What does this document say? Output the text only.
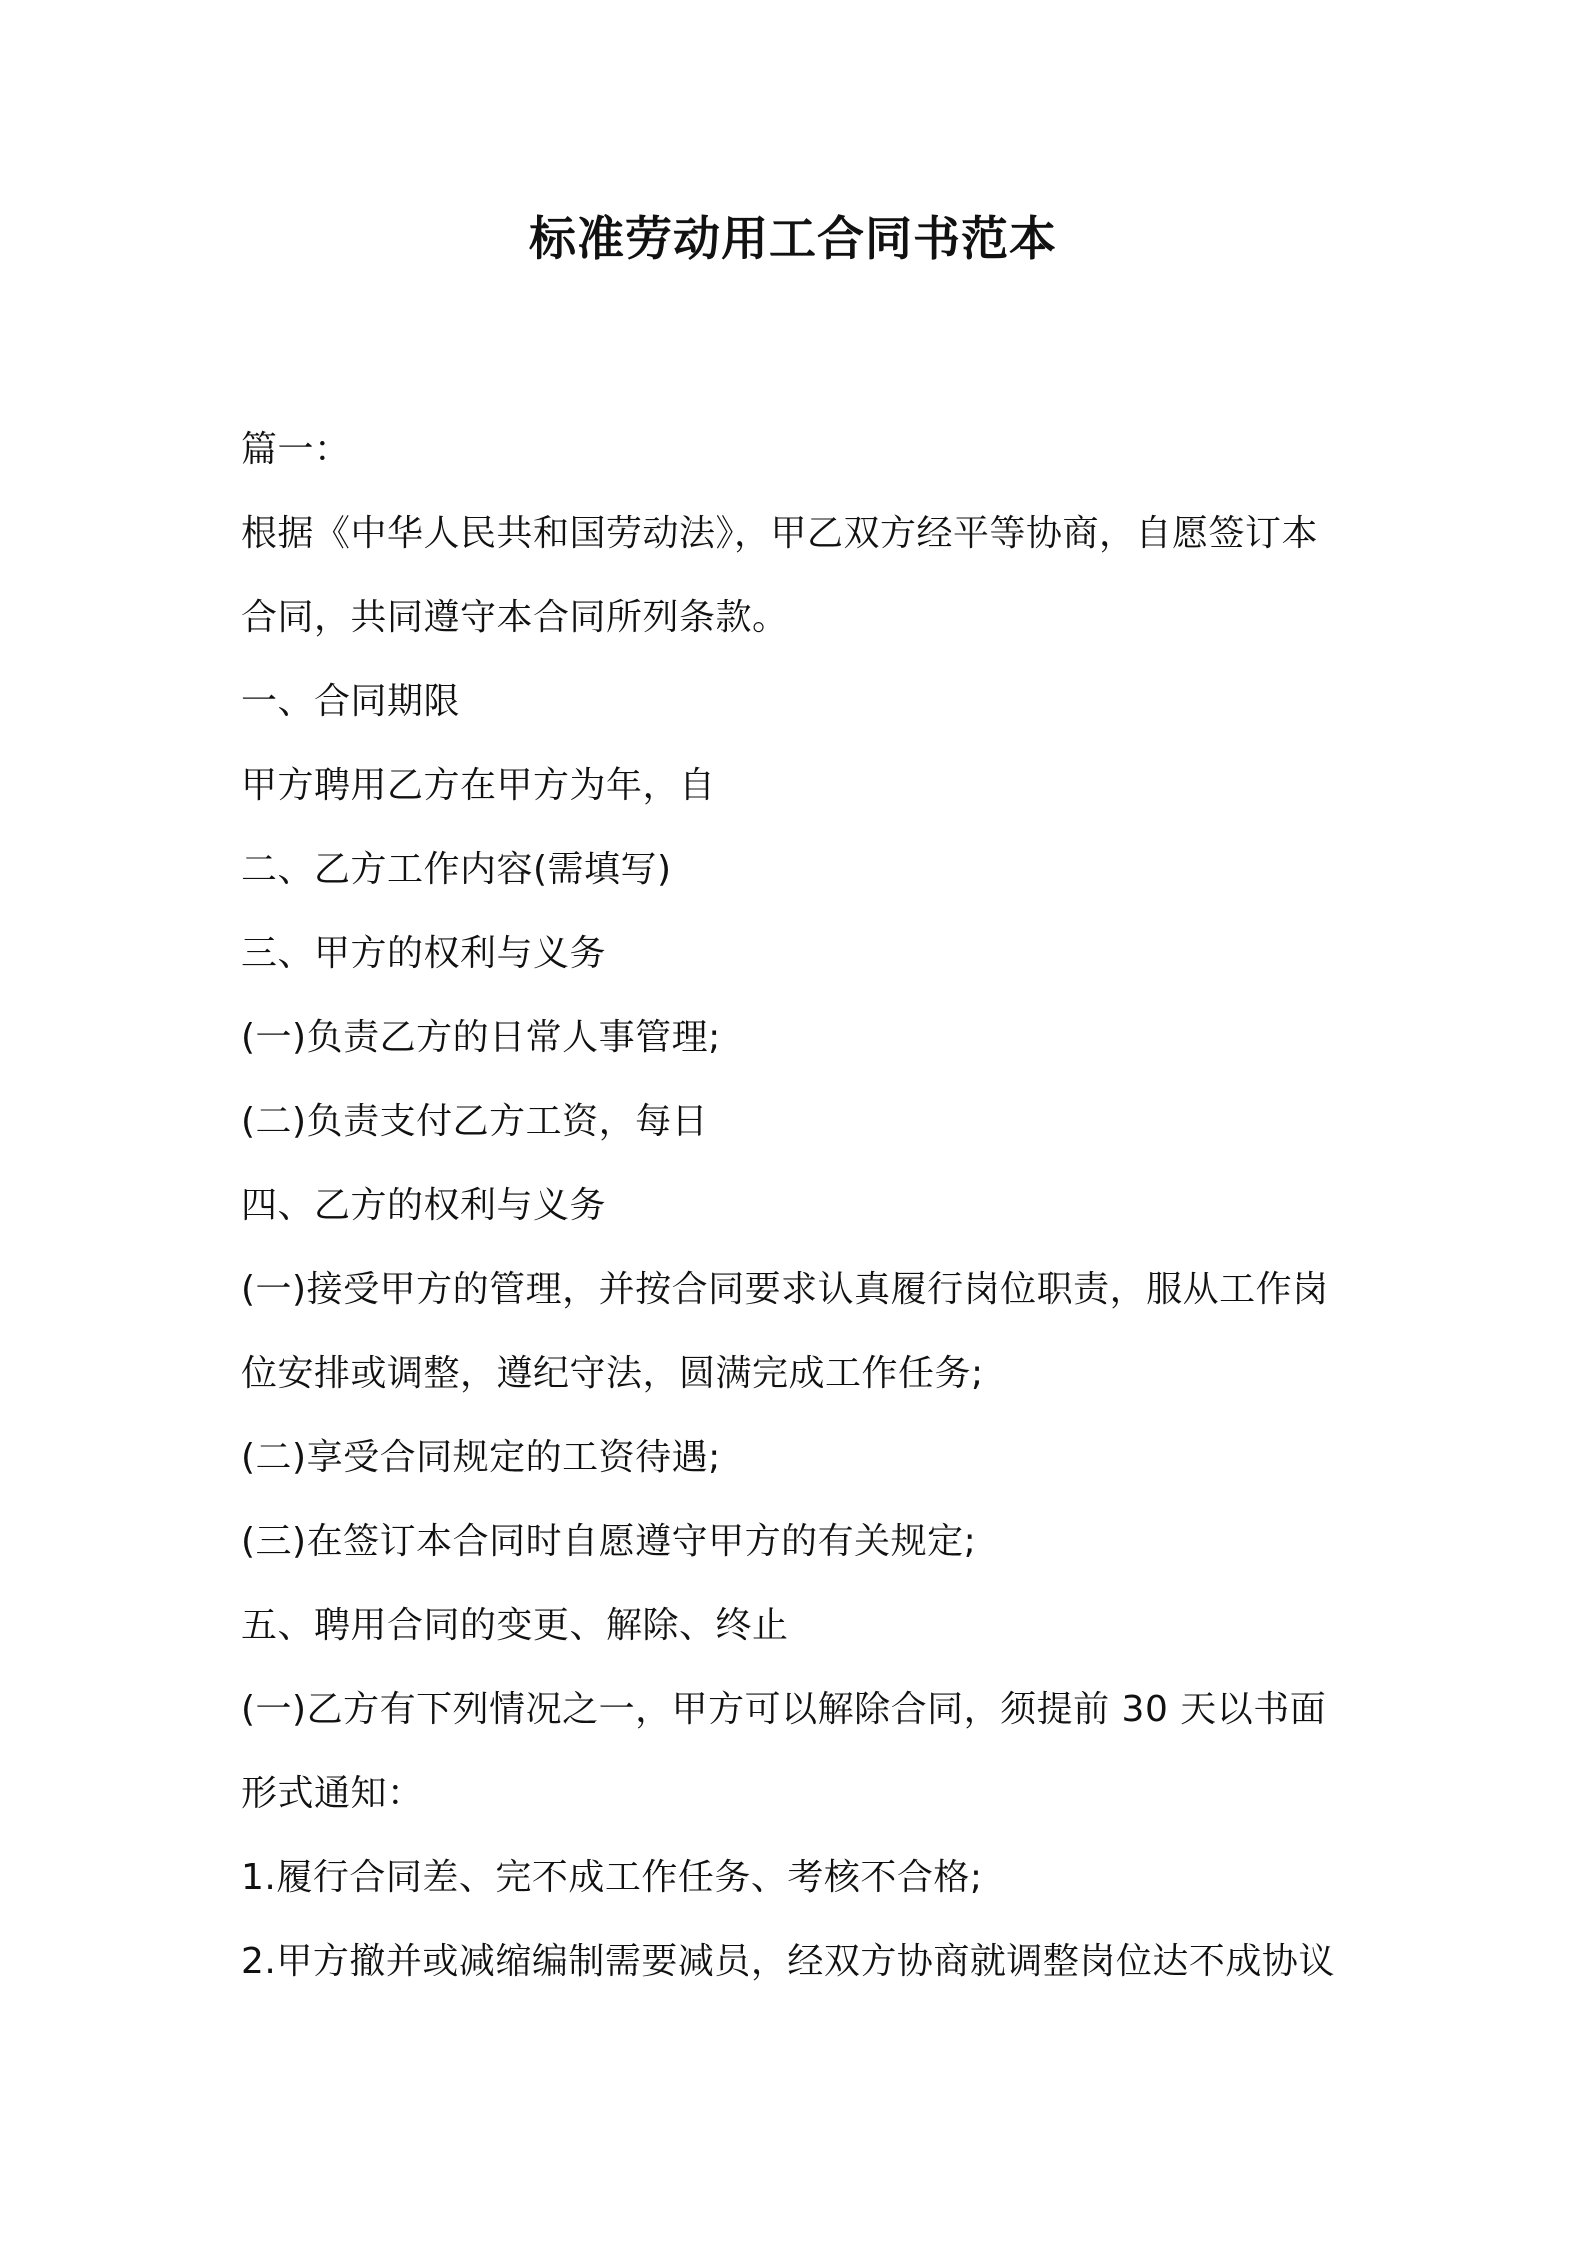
标准劳动用工合同书范本
篇一：
根据《中华人民共和国劳动法》，甲乙双方经平等协商，自愿签订本
合同，共同遵守本合同所列条款。
一、合同期限
甲方聘用乙方在甲方为年，自
二、乙方工作内容(需填写)
三、甲方的权利与义务
(一)负责乙方的日常人事管理;
(二)负责支付乙方工资，每日
四、乙方的权利与义务
(一)接受甲方的管理，并按合同要求认真履行岗位职责，服从工作岗
位安排或调整，遵纪守法，圆满完成工作任务;
(二)享受合同规定的工资待遇;
(三)在签订本合同时自愿遵守甲方的有关规定;
五、聘用合同的变更、解除、终止
(一)乙方有下列情况之一，甲方可以解除合同，须提前 30 天以书面
形式通知：
1.履行合同差、完不成工作任务、考核不合格;
2.甲方撤并或减缩编制需要减员，经双方协商就调整岗位达不成协议
